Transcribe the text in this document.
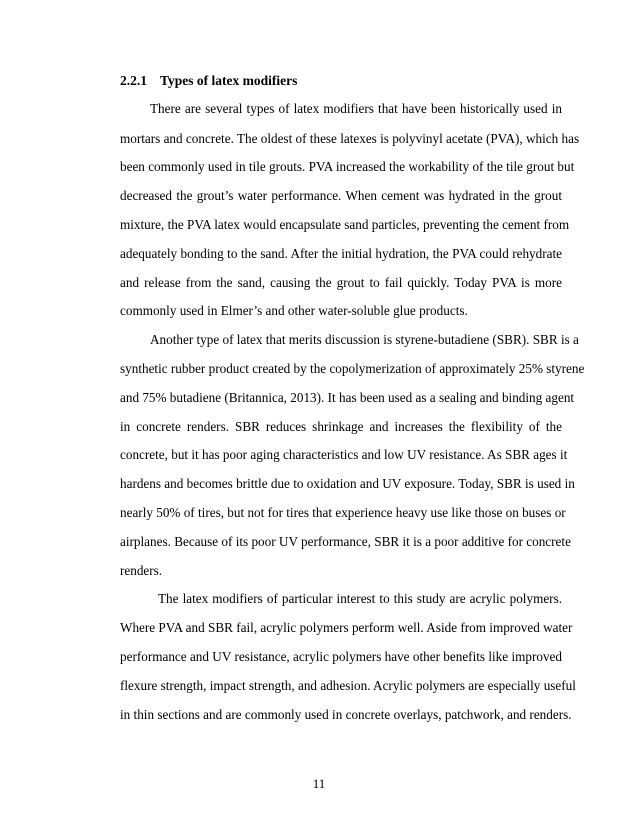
2.2.1 Types of latex modifiers
There are several types of latex modifiers that have been historically used in
mortars and concrete. The oldest of these latexes is polyvinyl acetate (PVA), which has
been commonly used in tile grouts. PVA increased the workability of the tile grout but
decreased the grout’s water performance. When cement was hydrated in the grout
mixture, the PVA latex would encapsulate sand particles, preventing the cement from
adequately bonding to the sand. After the initial hydration, the PVA could rehydrate
and release from the sand, causing the grout to fail quickly. Today PVA is more
commonly used in Elmer’s and other water-soluble glue products.
Another type of latex that merits discussion is styrene-butadiene (SBR). SBR is a
synthetic rubber product created by the copolymerization of approximately 25% styrene
and 75% butadiene (Britannica, 2013). It has been used as a sealing and binding agent
in concrete renders. SBR reduces shrinkage and increases the flexibility of the
concrete, but it has poor aging characteristics and low UV resistance. As SBR ages it
hardens and becomes brittle due to oxidation and UV exposure. Today, SBR is used in
nearly 50% of tires, but not for tires that experience heavy use like those on buses or
airplanes. Because of its poor UV performance, SBR it is a poor additive for concrete
renders.
The latex modifiers of particular interest to this study are acrylic polymers.
Where PVA and SBR fail, acrylic polymers perform well. Aside from improved water
performance and UV resistance, acrylic polymers have other benefits like improved
flexure strength, impact strength, and adhesion. Acrylic polymers are especially useful
in thin sections and are commonly used in concrete overlays, patchwork, and renders.
11
